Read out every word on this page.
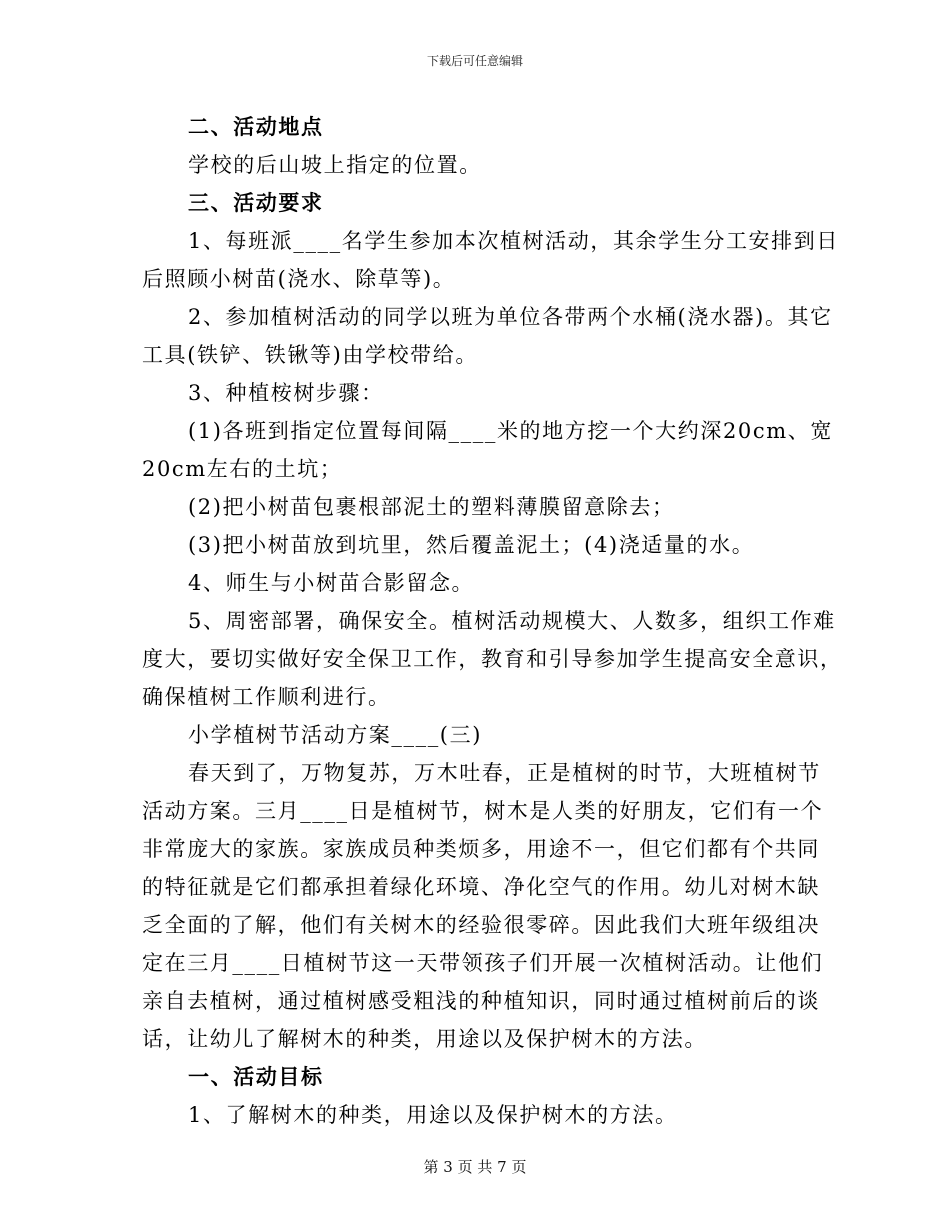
下载后可任意编辑
二、活动地点
学校的后山坡上指定的位置。
三、活动要求
1、每班派____名学生参加本次植树活动，其余学生分工安排到日
后照顾小树苗(浇水、除草等)。
2、参加植树活动的同学以班为单位各带两个水桶(浇水器)。其它
工具(铁铲、铁锹等)由学校带给。
3、种植桉树步骤：
(1)各班到指定位置每间隔____米的地方挖一个大约深20cm、宽
20cm左右的土坑；
(2)把小树苗包裹根部泥土的塑料薄膜留意除去；
(3)把小树苗放到坑里，然后覆盖泥土；(4)浇适量的水。
4、师生与小树苗合影留念。
5、周密部署，确保安全。植树活动规模大、人数多，组织工作难
度大，要切实做好安全保卫工作，教育和引导参加学生提高安全意识，
确保植树工作顺利进行。
小学植树节活动方案____(三)
春天到了，万物复苏，万木吐春，正是植树的时节，大班植树节
活动方案。三月____日是植树节，树木是人类的好朋友，它们有一个
非常庞大的家族。家族成员种类烦多，用途不一，但它们都有个共同
的特征就是它们都承担着绿化环境、净化空气的作用。幼儿对树木缺
乏全面的了解，他们有关树木的经验很零碎。因此我们大班年级组决
定在三月____日植树节这一天带领孩子们开展一次植树活动。让他们
亲自去植树，通过植树感受粗浅的种植知识，同时通过植树前后的谈
话，让幼儿了解树木的种类，用途以及保护树木的方法。
一、活动目标
1、了解树木的种类，用途以及保护树木的方法。
第 3 页 共 7 页
